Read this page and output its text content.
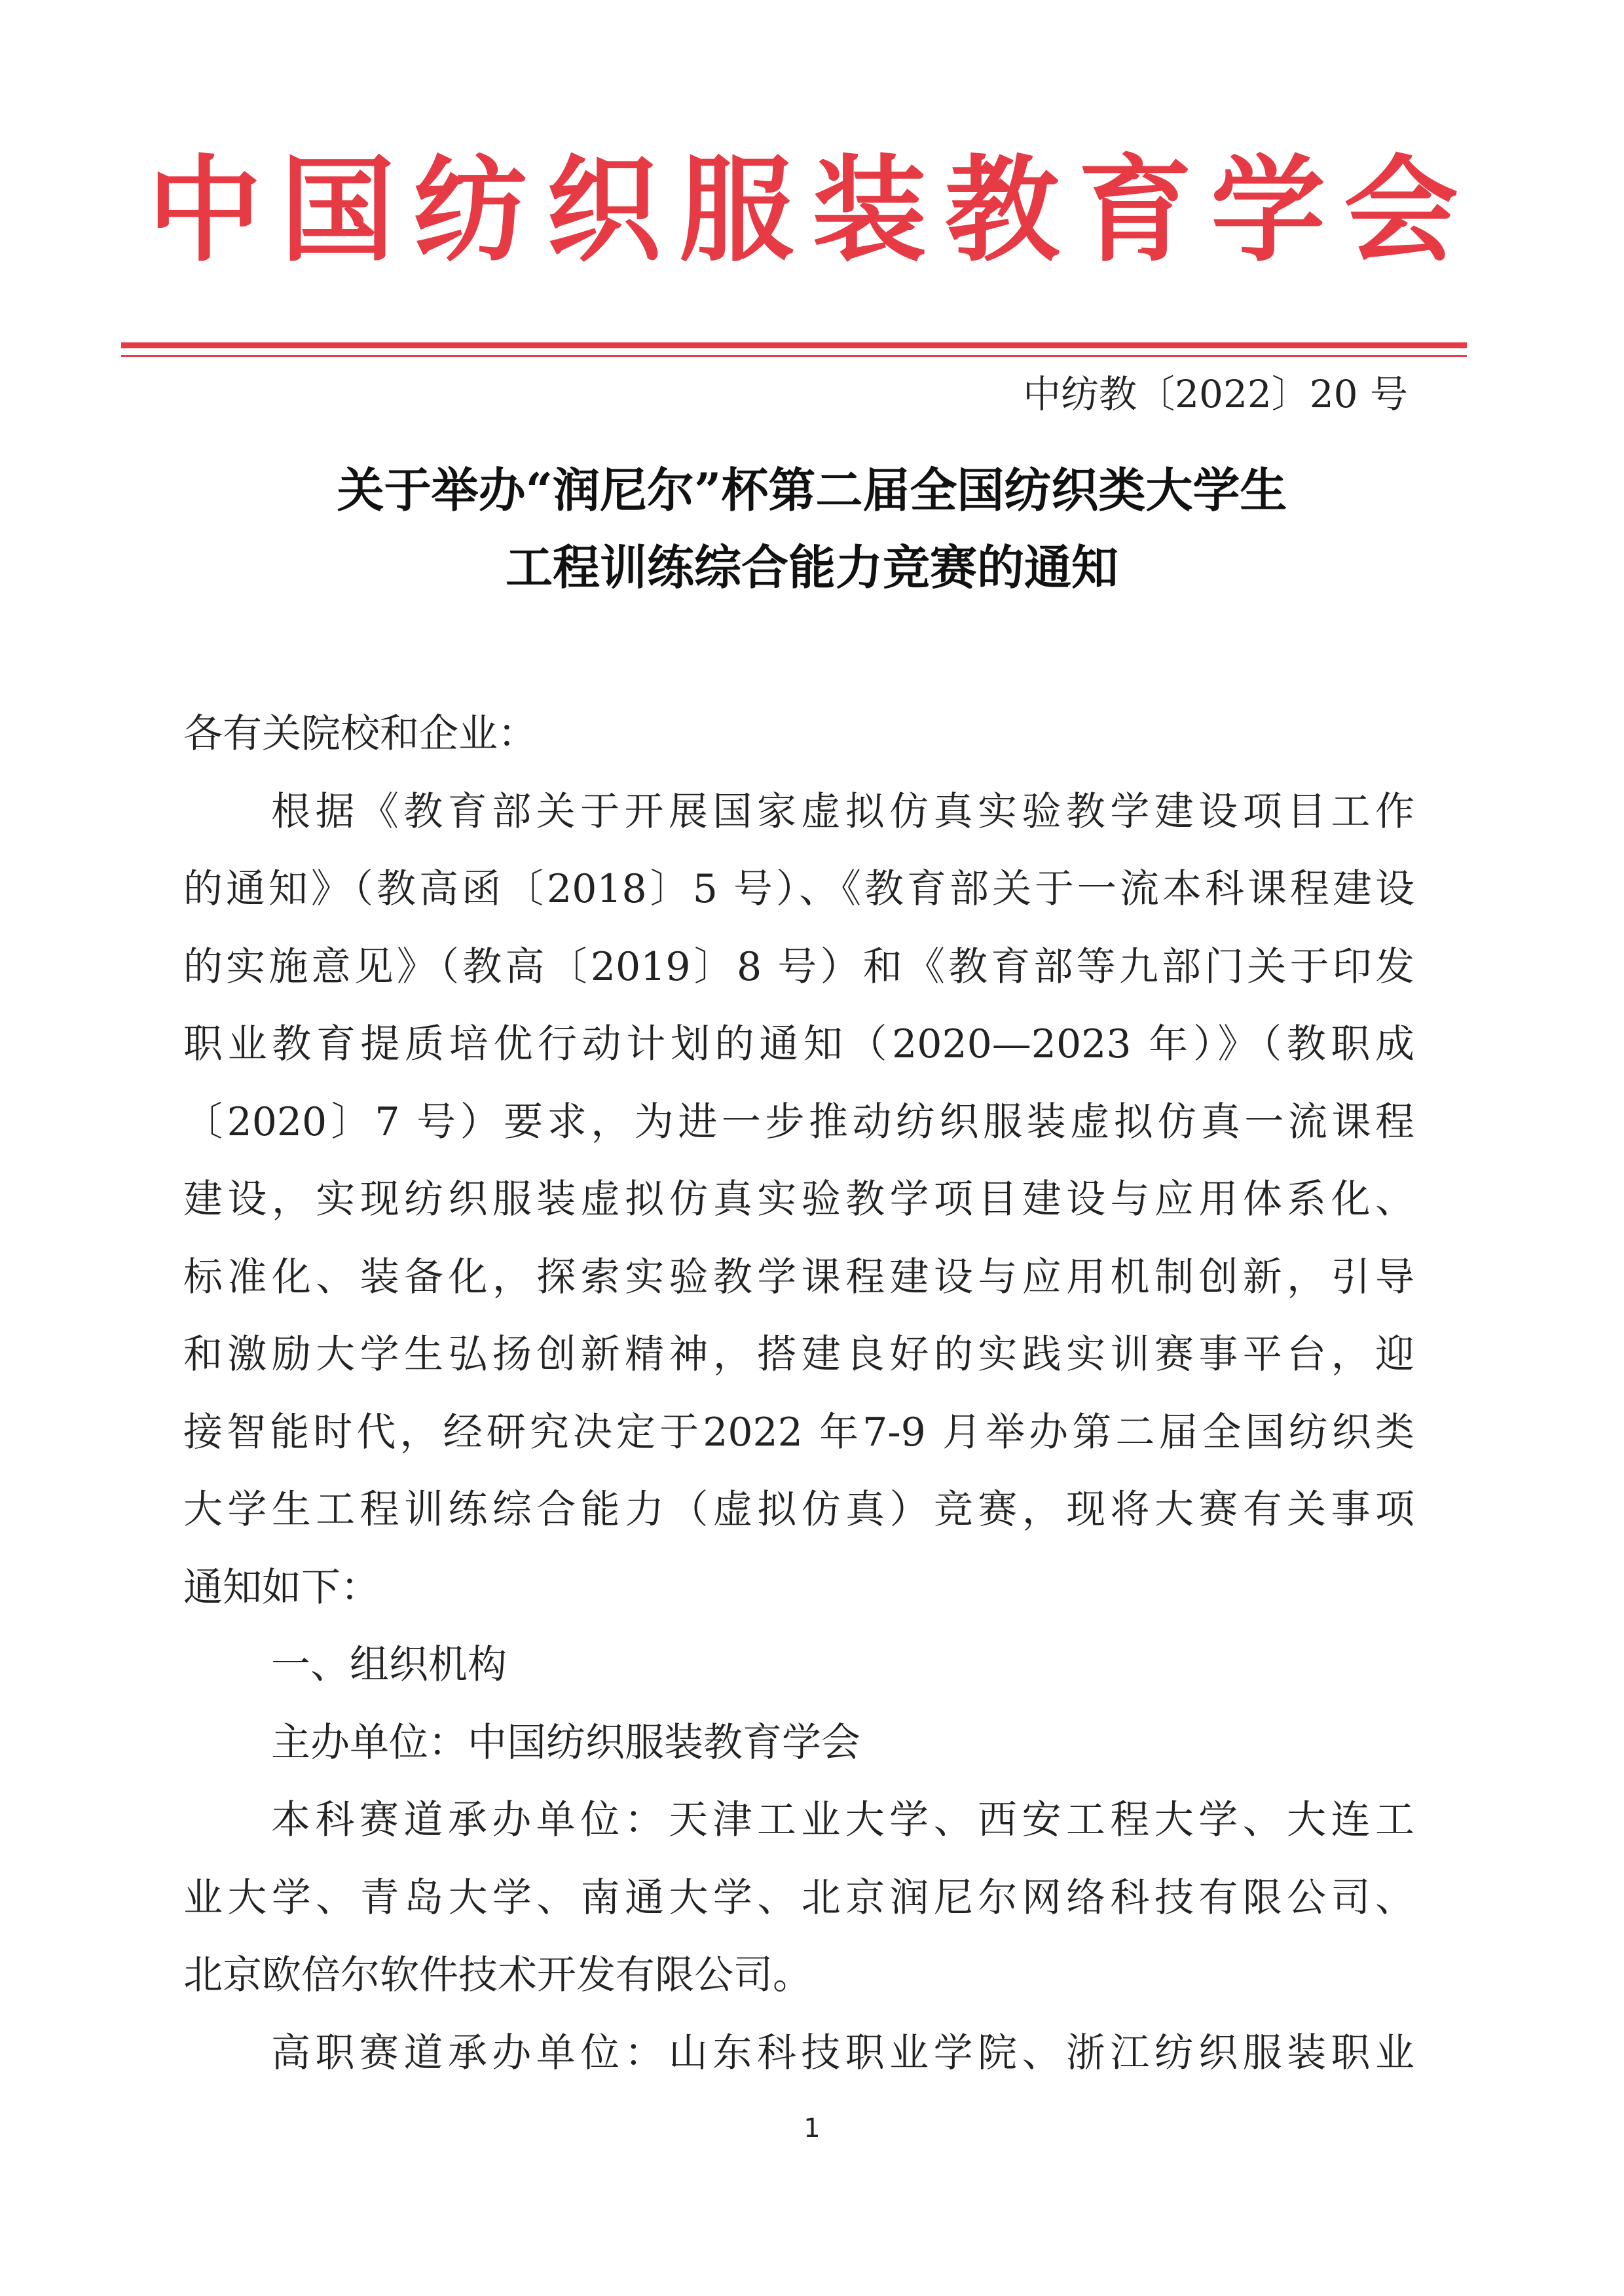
中国纺织服装教育学会
中纺教〔2022〕20 号
关于举办“润尼尔”杯第二届全国纺织类大学生
工程训练综合能力竞赛的通知

各有关院校和企业：

根据《教育部关于开展国家虚拟仿真实验教学建设项目工作

的通知》（教高函〔2018〕5 号）、《教育部关于一流本科课程建设

的实施意见》（教高〔2019〕8 号）和《教育部等九部门关于印发

职业教育提质培优行动计划的通知（2020—2023 年）》（教职成

〔2020〕7 号）要求，为进一步推动纺织服装虚拟仿真一流课程

建设，实现纺织服装虚拟仿真实验教学项目建设与应用体系化、

标准化、装备化，探索实验教学课程建设与应用机制创新，引导

和激励大学生弘扬创新精神，搭建良好的实践实训赛事平台，迎

接智能时代，经研究决定于2022 年7-9 月举办第二届全国纺织类

大学生工程训练综合能力（虚拟仿真）竞赛，现将大赛有关事项

通知如下：

一、组织机构

主办单位：中国纺织服装教育学会

本科赛道承办单位：天津工业大学、西安工程大学、大连工

业大学、青岛大学、南通大学、北京润尼尔网络科技有限公司、

北京欧倍尔软件技术开发有限公司。

高职赛道承办单位：山东科技职业学院、浙江纺织服装职业

1
